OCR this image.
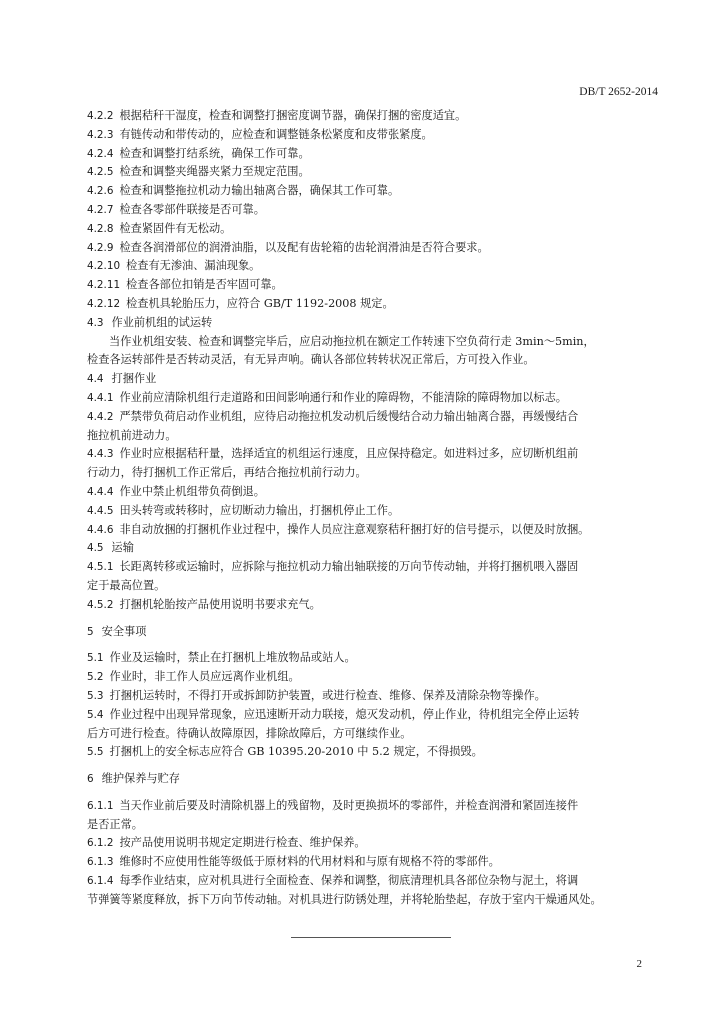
DB/T 2652-2014
4.2.2 根据秸秆干湿度，检查和调整打捆密度调节器，确保打捆的密度适宜。
4.2.3 有链传动和带传动的，应检查和调整链条松紧度和皮带张紧度。
4.2.4 检查和调整打结系统，确保工作可靠。
4.2.5 检查和调整夹绳器夹紧力至规定范围。
4.2.6 检查和调整拖拉机动力输出轴离合器，确保其工作可靠。
4.2.7 检查各零部件联接是否可靠。
4.2.8 检查紧固件有无松动。
4.2.9 检查各润滑部位的润滑油脂，以及配有齿轮箱的齿轮润滑油是否符合要求。
4.2.10 检查有无渗油、漏油现象。
4.2.11 检查各部位扣销是否牢固可靠。
4.2.12 检查机具轮胎压力，应符合 GB/T 1192-2008 规定。
4.3 作业前机组的试运转
当作业机组安装、检查和调整完毕后，应启动拖拉机在额定工作转速下空负荷行走 3min～5min，
检查各运转部件是否转动灵活，有无异声响。确认各部位转转状况正常后，方可投入作业。
4.4 打捆作业
4.4.1 作业前应清除机组行走道路和田间影响通行和作业的障碍物，不能清除的障碍物加以标志。
4.4.2 严禁带负荷启动作业机组，应待启动拖拉机发动机后缓慢结合动力输出轴离合器，再缓慢结合
拖拉机前进动力。
4.4.3 作业时应根据秸秆量，选择适宜的机组运行速度，且应保持稳定。如进料过多，应切断机组前
行动力，待打捆机工作正常后，再结合拖拉机前行动力。
4.4.4 作业中禁止机组带负荷倒退。
4.4.5 田头转弯或转移时，应切断动力输出，打捆机停止工作。
4.4.6 非自动放捆的打捆机作业过程中，操作人员应注意观察秸秆捆打好的信号提示，以便及时放捆。
4.5 运输
4.5.1 长距离转移或运输时，应拆除与拖拉机动力输出轴联接的万向节传动轴，并将打捆机喂入器固
定于最高位置。
4.5.2 打捆机轮胎按产品使用说明书要求充气。
5 安全事项
5.1 作业及运输时，禁止在打捆机上堆放物品或站人。
5.2 作业时，非工作人员应远离作业机组。
5.3 打捆机运转时，不得打开或拆卸防护装置，或进行检查、维修、保养及清除杂物等操作。
5.4 作业过程中出现异常现象，应迅速断开动力联接，熄灭发动机，停止作业，待机组完全停止运转
后方可进行检查。待确认故障原因，排除故障后，方可继续作业。
5.5 打捆机上的安全标志应符合 GB 10395.20-2010 中 5.2 规定，不得损毁。
6 维护保养与贮存
6.1.1 当天作业前后要及时清除机器上的残留物，及时更换损坏的零部件，并检查润滑和紧固连接件
是否正常。
6.1.2 按产品使用说明书规定定期进行检查、维护保养。
6.1.3 维修时不应使用性能等级低于原材料的代用材料和与原有规格不符的零部件。
6.1.4 每季作业结束，应对机具进行全面检查、保养和调整，彻底清理机具各部位杂物与泥土，将调
节弹簧等紧度释放，拆下万向节传动轴。对机具进行防锈处理，并将轮胎垫起，存放于室内干燥通风处。
2
